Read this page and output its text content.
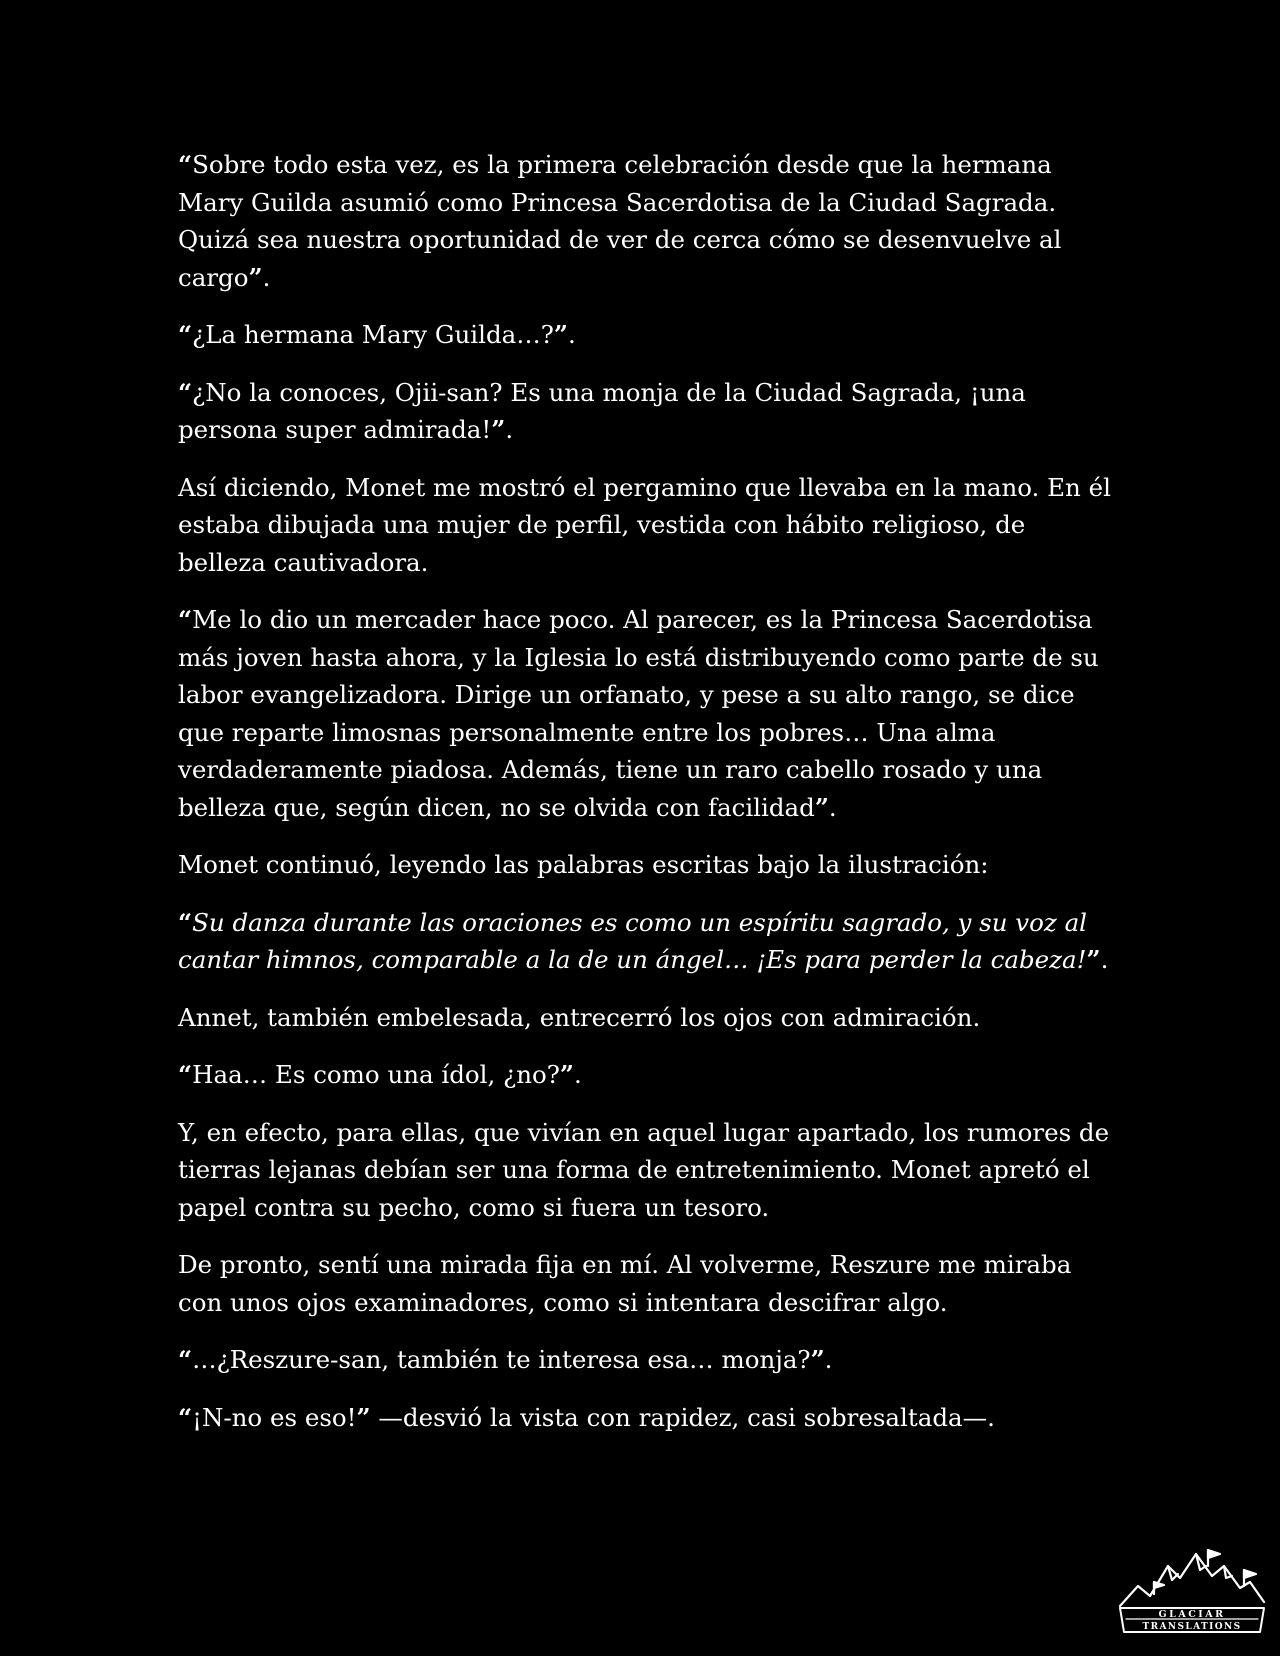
“Sobre todo esta vez, es la primera celebración desde que la hermana Mary Guilda asumió como Princesa Sacerdotisa de la Ciudad Sagrada. Quizá sea nuestra oportunidad de ver de cerca cómo se desenvuelve al cargo”.

“¿La hermana Mary Guilda…?”.

“¿No la conoces, Ojii-san? Es una monja de la Ciudad Sagrada, ¡una persona super admirada!”.

Así diciendo, Monet me mostró el pergamino que llevaba en la mano. En él estaba dibujada una mujer de perfil, vestida con hábito religioso, de belleza cautivadora.

“Me lo dio un mercader hace poco. Al parecer, es la Princesa Sacerdotisa más joven hasta ahora, y la Iglesia lo está distribuyendo como parte de su labor evangelizadora. Dirige un orfanato, y pese a su alto rango, se dice que reparte limosnas personalmente entre los pobres… Una alma verdaderamente piadosa. Además, tiene un raro cabello rosado y una belleza que, según dicen, no se olvida con facilidad”.

Monet continuó, leyendo las palabras escritas bajo la ilustración:

“Su danza durante las oraciones es como un espíritu sagrado, y su voz al cantar himnos, comparable a la de un ángel… ¡Es para perder la cabeza!”.

Annet, también embelesada, entrecerró los ojos con admiración.

“Haa… Es como una ídol, ¿no?”.

Y, en efecto, para ellas, que vivían en aquel lugar apartado, los rumores de tierras lejanas debían ser una forma de entretenimiento. Monet apretó el papel contra su pecho, como si fuera un tesoro.

De pronto, sentí una mirada fija en mí. Al volverme, Reszure me miraba con unos ojos examinadores, como si intentara descifrar algo.

“…¿Reszure-san, también te interesa esa… monja?”.

“¡N-no es eso!” —desvió la vista con rapidez, casi sobresaltada—.

GLACIAR
TRANSLATIONS
